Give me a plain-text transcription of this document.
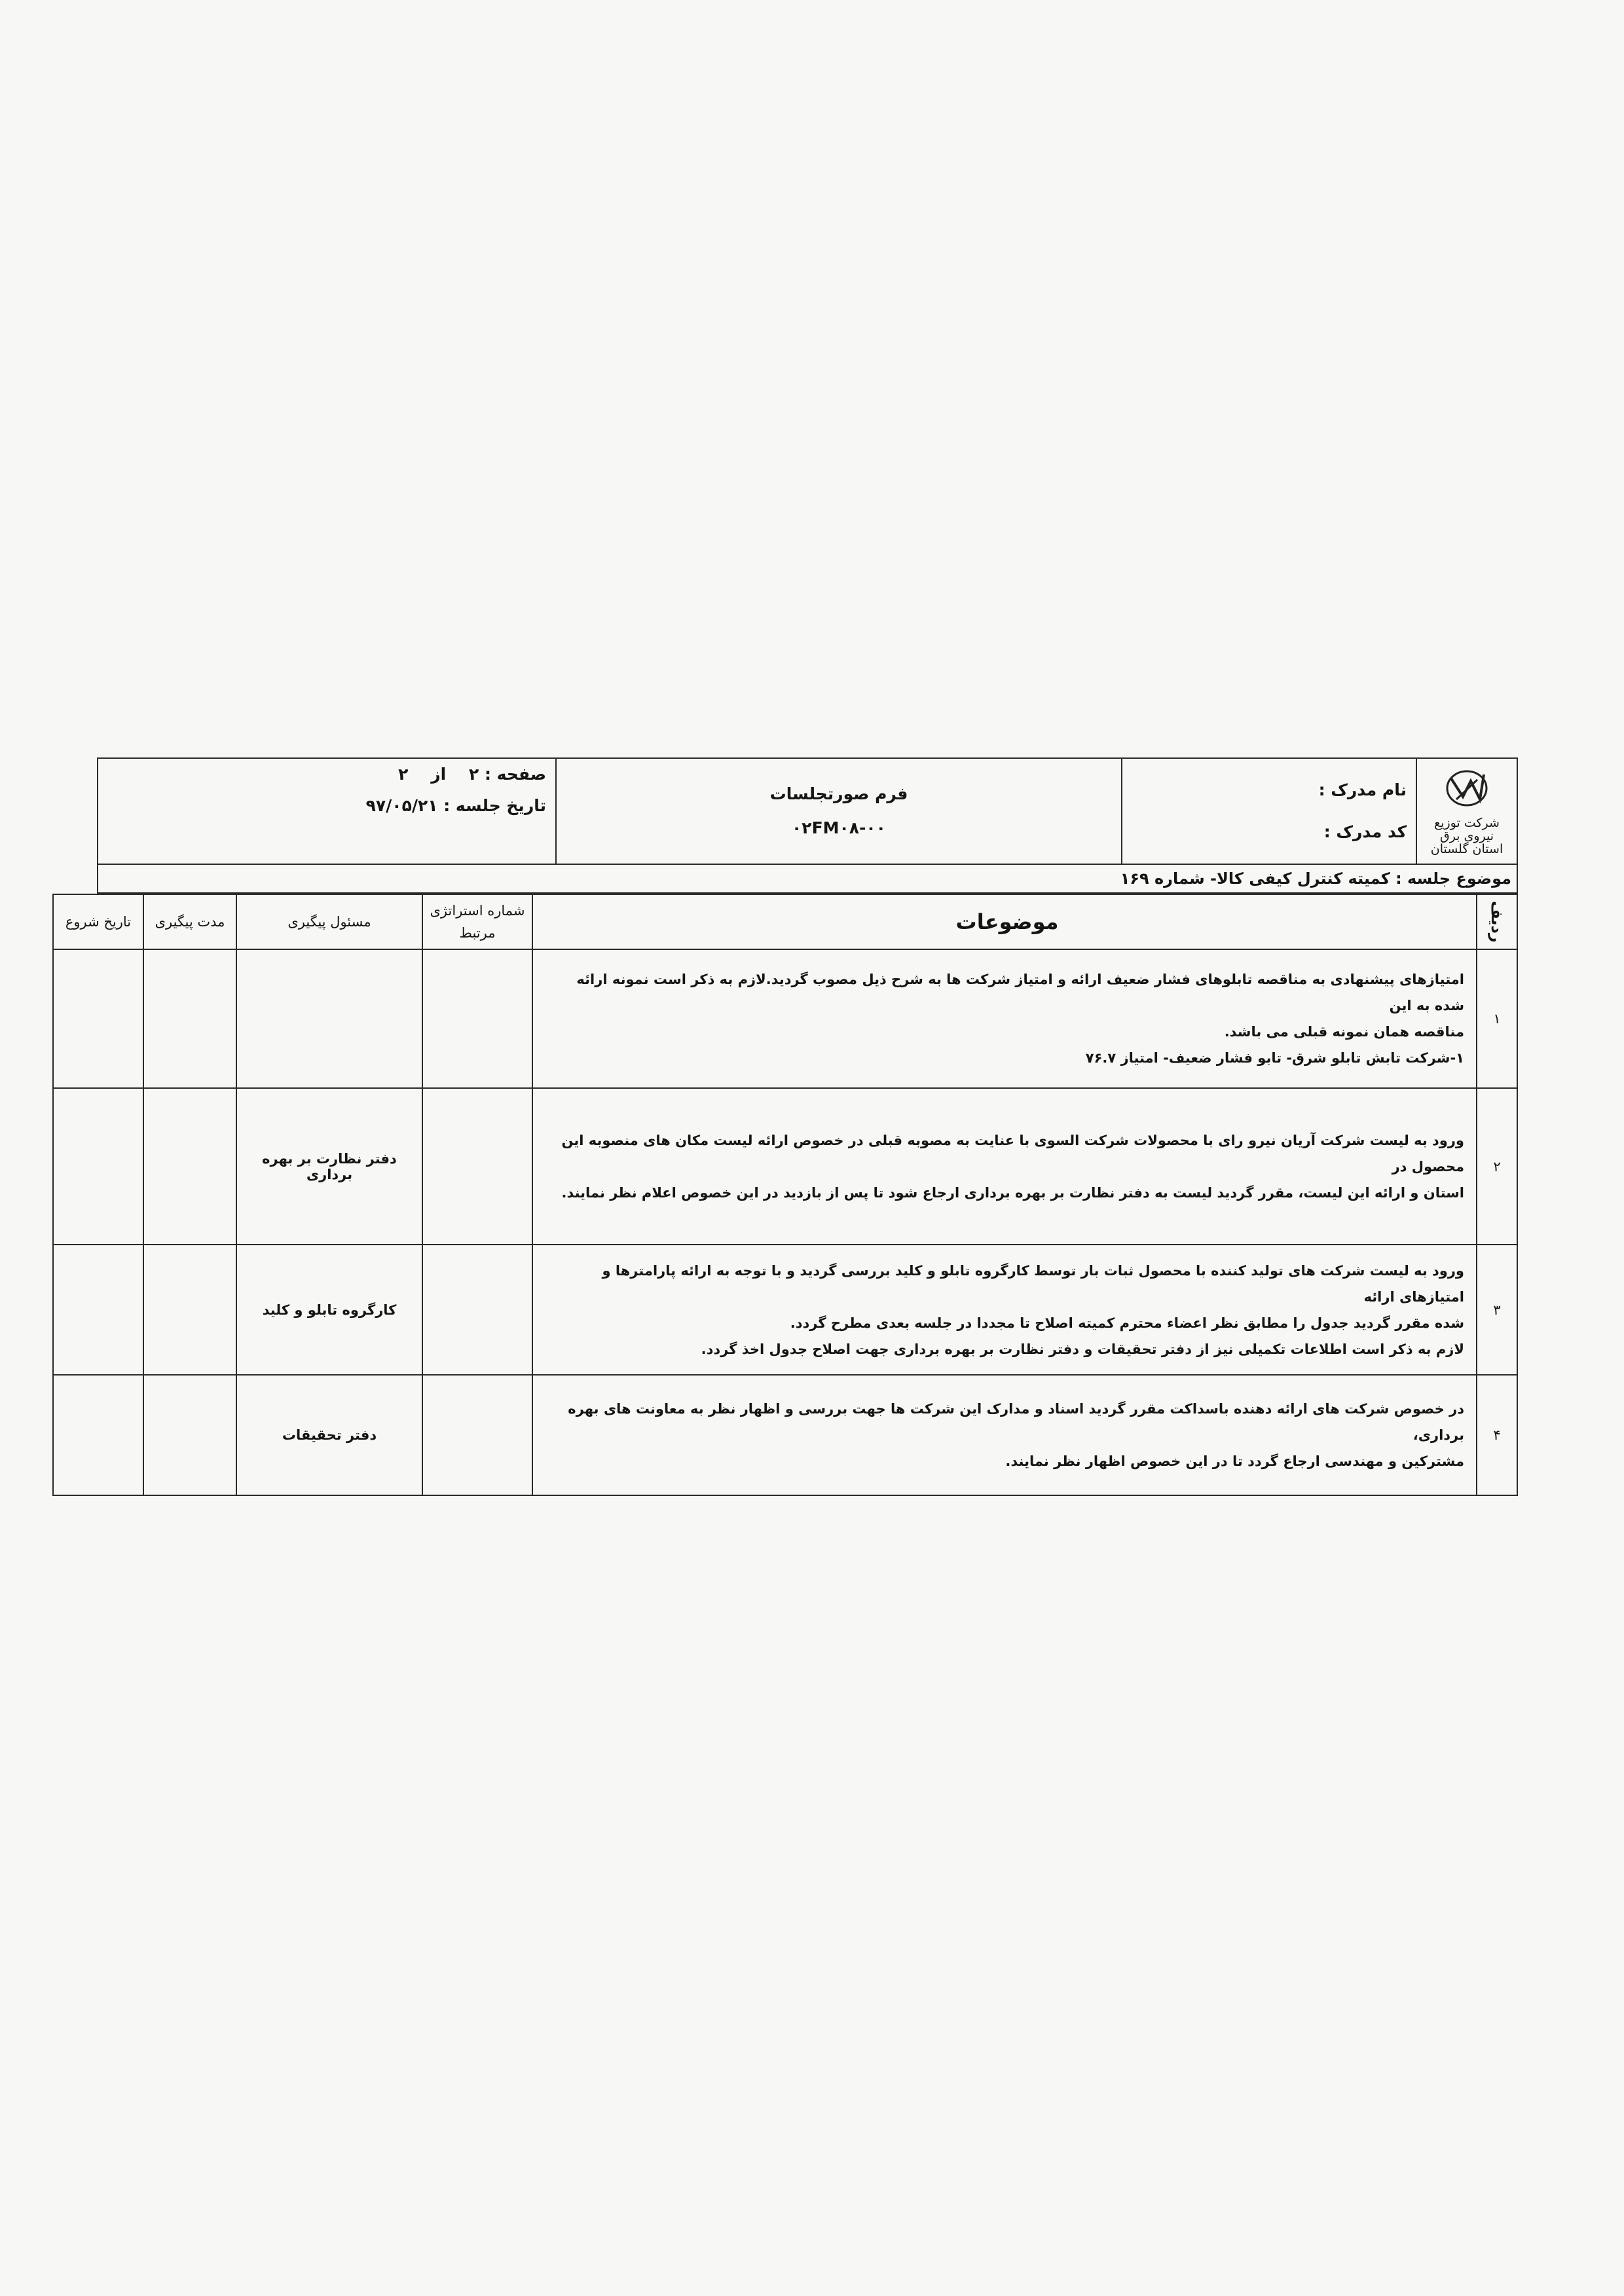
شرکت توزیع نیروی برق
استان گلستان

نام مدرک :
کد مدرک :

فرم صورتجلسات
۰۲FM۰۸-۰۰

صفحه : ۲    از    ۲
تاریخ جلسه : ۹۷/۰۵/۲۱

موضوع جلسه : کمیته کنترل کیفی کالا- شماره ۱۶۹
ردیف	موضوعات	شماره استراتژی مرتبط	مسئول پیگیری	مدت پیگیری	تاریخ شروع
۱	امتیازهای پیشنهادی به مناقصه تابلوهای فشار ضعیف ارائه و امتیاز شرکت ها به شرح ذیل مصوب گردید.لازم به ذکر است نمونه ارائه شده به این
مناقصه همان نمونه قبلی می باشد.
۱-شرکت تابش تابلو شرق- تابو فشار ضعیف- امتیاز ۷۶.۷				

۲	ورود به لیست شرکت آریان نیرو رای با محصولات شرکت السوی با عنایت به مصوبه قبلی در خصوص ارائه لیست مکان های منصوبه این محصول در
استان و ارائه این لیست، مقرر گردید لیست به دفتر نظارت بر بهره برداری ارجاع شود تا پس از بازدید در این خصوص اعلام نظر نمایند.		دفتر نظارت بر بهره برداری		
۳	ورود به لیست شرکت های تولید کننده با محصول ثبات بار توسط کارگروه تابلو و کلید بررسی گردید و با توجه به ارائه پارامترها و امتیازهای ارائه
شده مقرر گردید جدول را مطابق نظر اعضاء محترم کمیته اصلاح تا مجددا در جلسه بعدی مطرح گردد.
لازم به ذکر است اطلاعات تکمیلی نیز از دفتر تحقیقات و دفتر نظارت بر بهره برداری جهت اصلاح جدول اخذ گردد.		کارگروه تابلو و کلید		
۴	در خصوص شرکت های ارائه دهنده باسداکت مقرر گردید اسناد و مدارک این شرکت ها جهت بررسی و اظهار نظر به معاونت های بهره برداری،
مشترکین و مهندسی ارجاع گردد تا در این خصوص اظهار نظر نمایند.		دفتر تحقیقات		
